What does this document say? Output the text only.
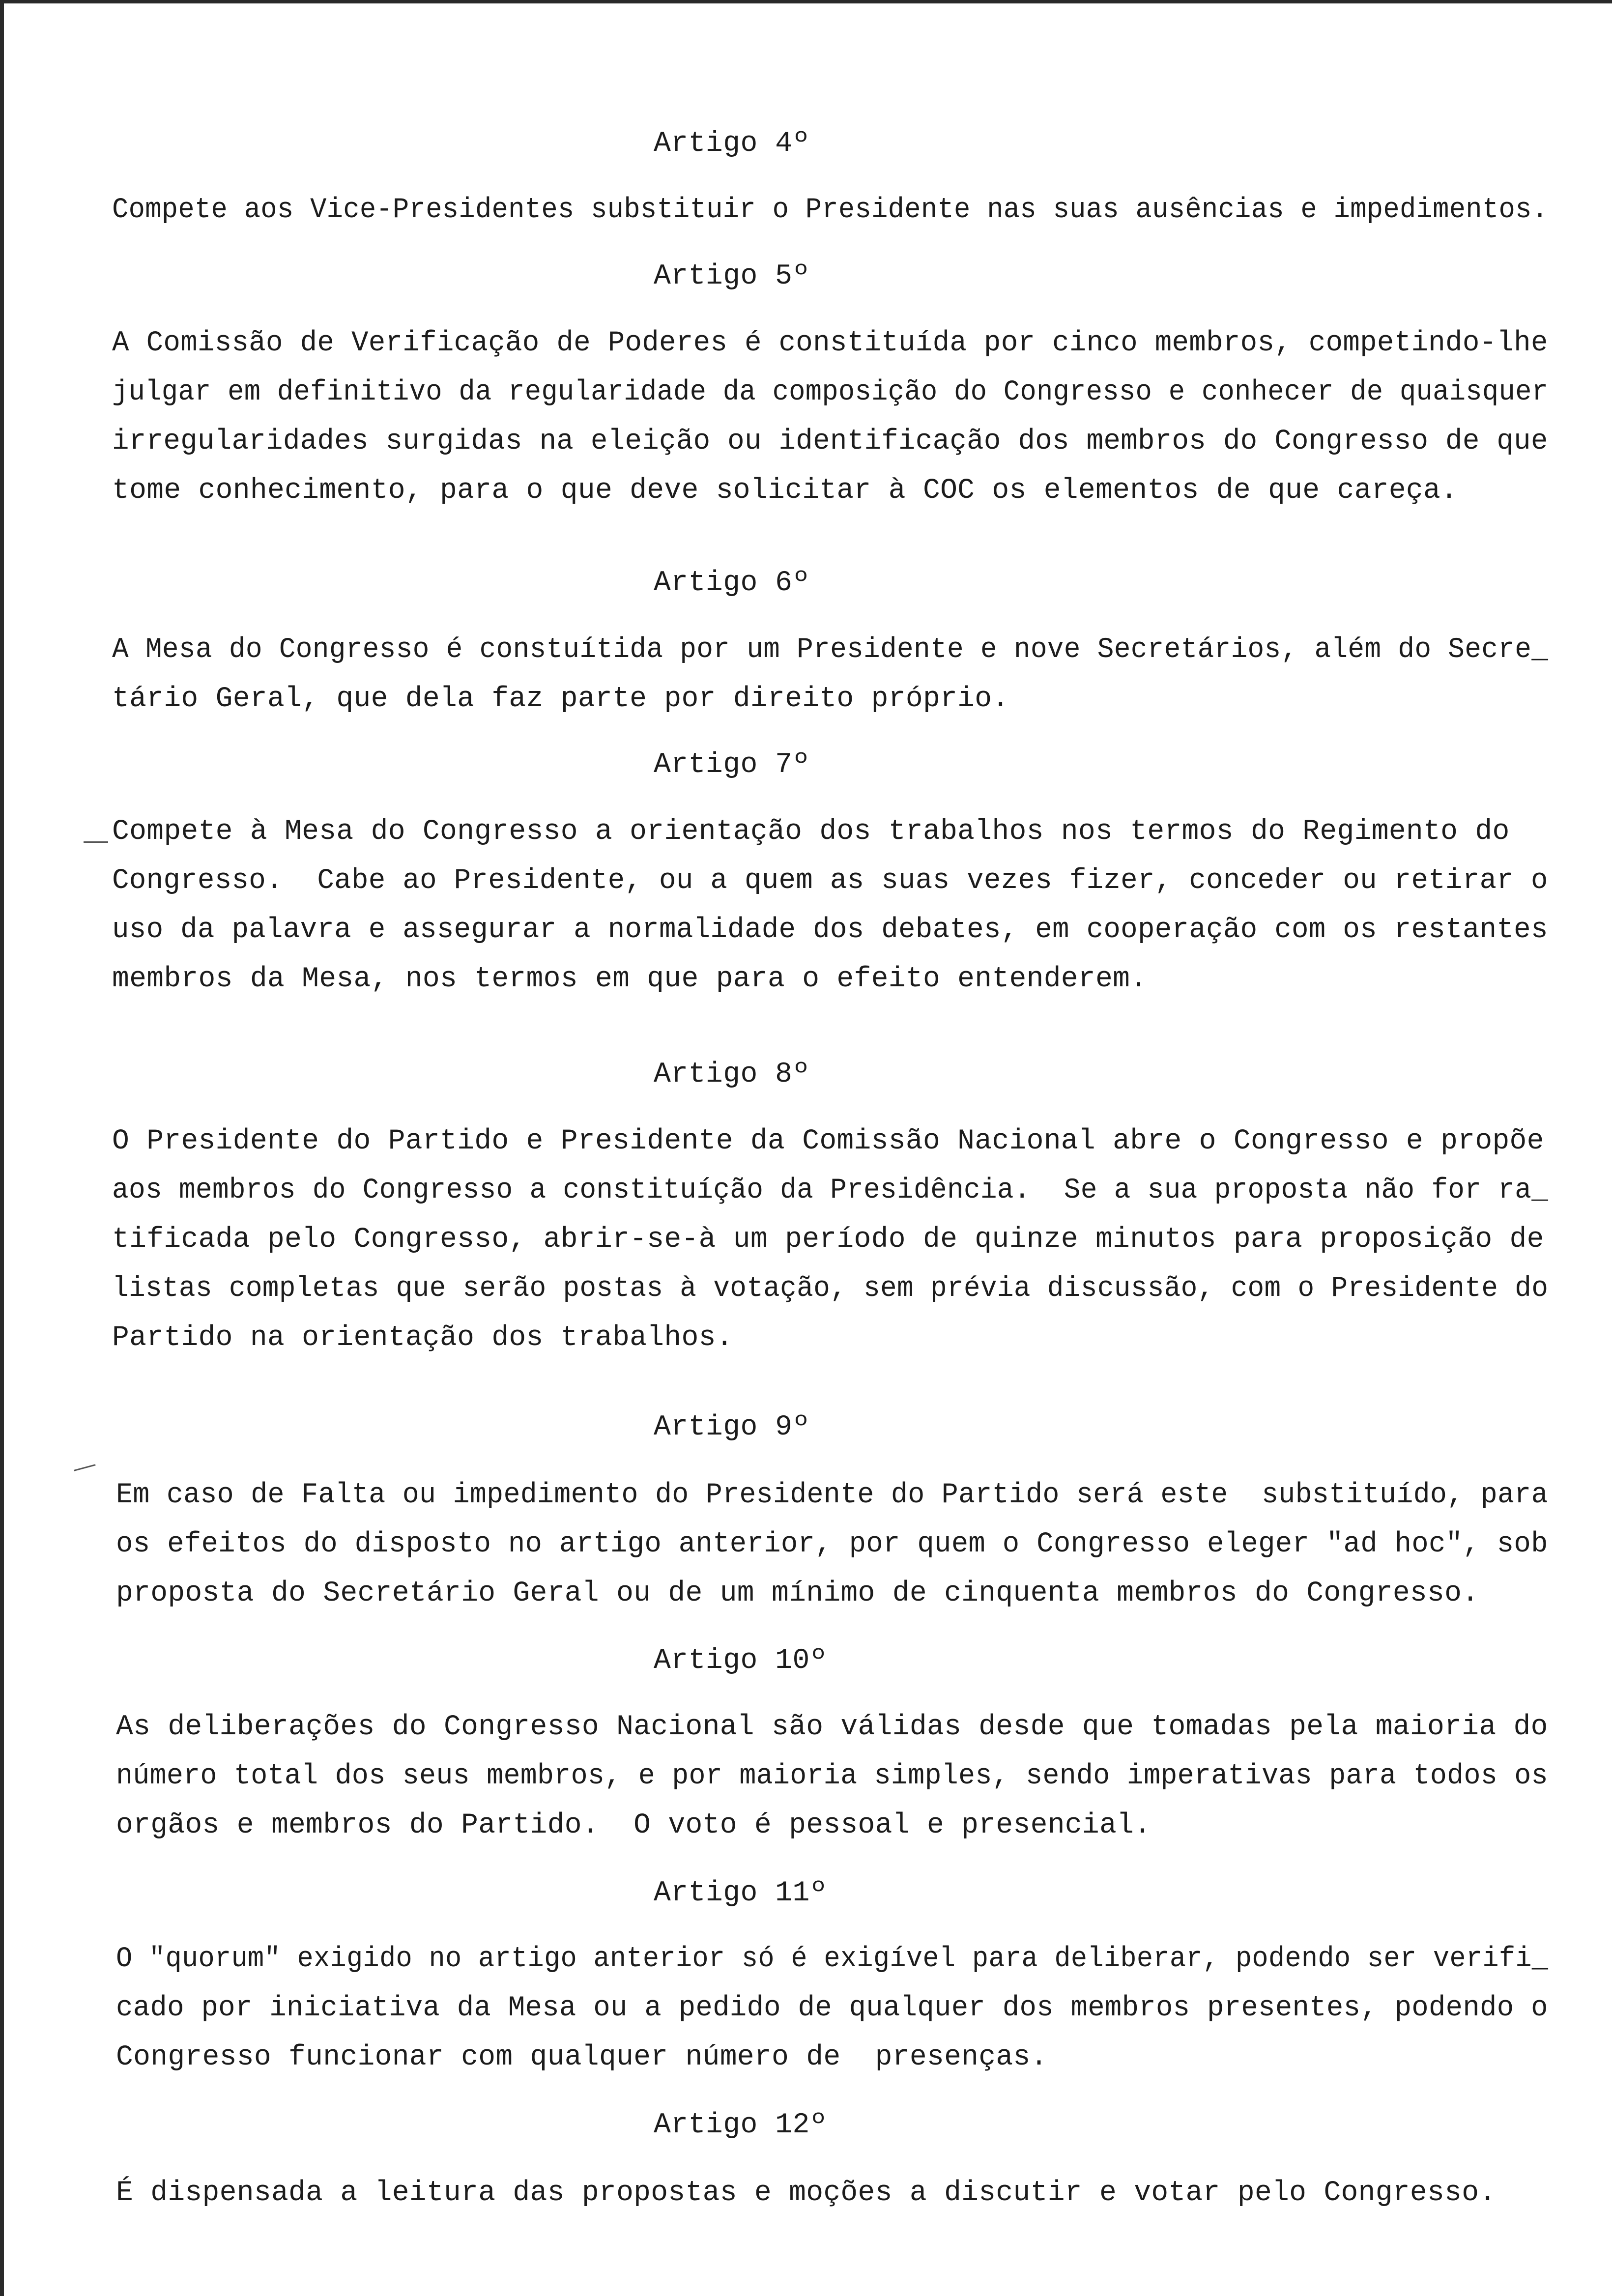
Artigo 4º
Compete aos Vice-Presidentes substituir o Presidente nas suas ausências e impedimentos.
Artigo 5º
A Comissão de Verificação de Poderes é constituída por cinco membros, competindo-lhe
julgar em definitivo da regularidade da composição do Congresso e conhecer de quaisquer
irregularidades surgidas na eleição ou identificação dos membros do Congresso de que
tome conhecimento, para o que deve solicitar à COC os elementos de que careça.
Artigo 6º
A Mesa do Congresso é constuítida por um Presidente e nove Secretários, além do Secre_
tário Geral, que dela faz parte por direito próprio.
Artigo 7º
Compete à Mesa do Congresso a orientação dos trabalhos nos termos do Regimento do
Congresso.  Cabe ao Presidente, ou a quem as suas vezes fizer, conceder ou retirar o
uso da palavra e assegurar a normalidade dos debates, em cooperação com os restantes
membros da Mesa, nos termos em que para o efeito entenderem.
Artigo 8º
O Presidente do Partido e Presidente da Comissão Nacional abre o Congresso e propõe
aos membros do Congresso a constituíção da Presidência.  Se a sua proposta não for ra_
tificada pelo Congresso, abrir-se-à um período de quinze minutos para proposição de
listas completas que serão postas à votação, sem prévia discussão, com o Presidente do
Partido na orientação dos trabalhos.
Artigo 9º
Em caso de Falta ou impedimento do Presidente do Partido será este  substituído, para
os efeitos do disposto no artigo anterior, por quem o Congresso eleger "ad hoc", sob
proposta do Secretário Geral ou de um mínimo de cinquenta membros do Congresso.
Artigo 10º
As deliberações do Congresso Nacional são válidas desde que tomadas pela maioria do
número total dos seus membros, e por maioria simples, sendo imperativas para todos os
orgãos e membros do Partido.  O voto é pessoal e presencial.
Artigo 11º
O "quorum" exigido no artigo anterior só é exigível para deliberar, podendo ser verifi_
cado por iniciativa da Mesa ou a pedido de qualquer dos membros presentes, podendo o
Congresso funcionar com qualquer número de  presenças.
Artigo 12º
É dispensada a leitura das propostas e moções a discutir e votar pelo Congresso.
